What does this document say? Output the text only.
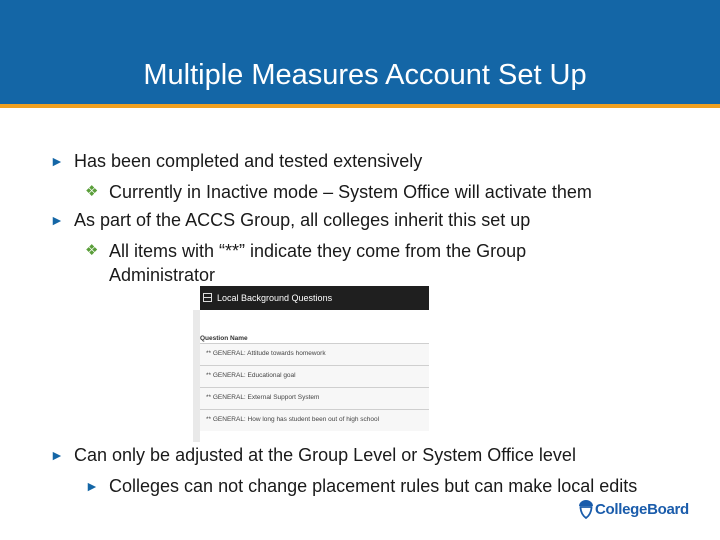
Multiple Measures Account Set Up
► Has been completed and tested extensively
❖ Currently in Inactive mode – System Office will activate them
► As part of the ACCS Group, all colleges inherit this set up
❖ All items with “**” indicate they come from the Group Administrator
Local Background Questions
Question Name
** GENERAL: Attitude towards homework
** GENERAL: Educational goal
** GENERAL: External Support System
** GENERAL: How long has student been out of high school
► Can only be adjusted at the Group Level or System Office level
► Colleges can not change placement rules but can make local edits
CollegeBoard
